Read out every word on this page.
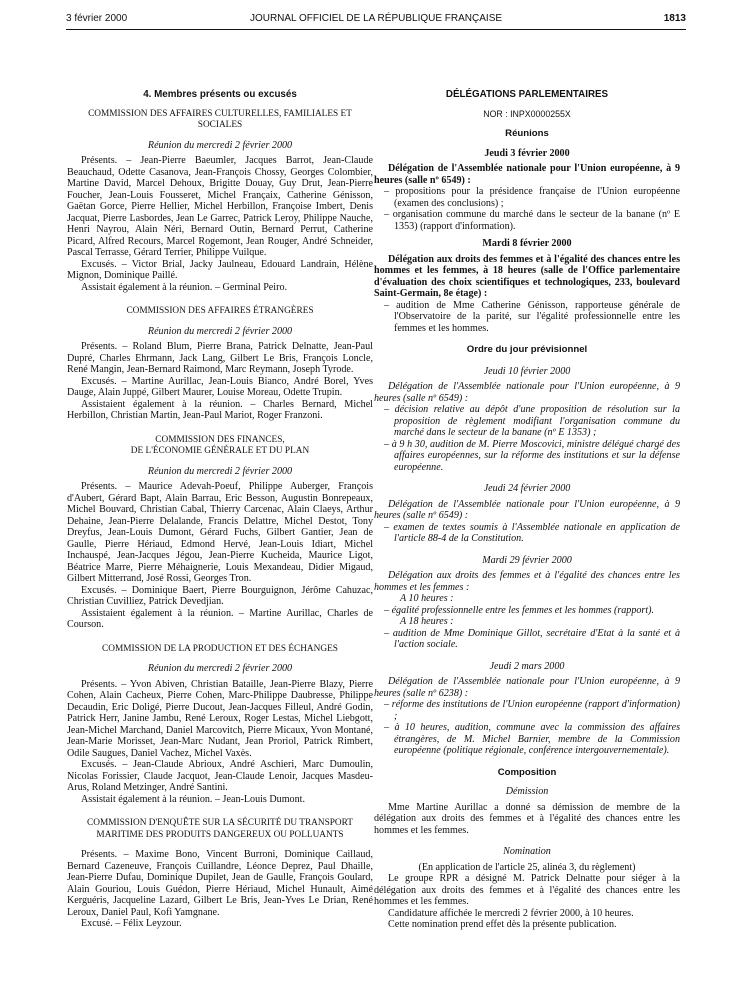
3 février 2000	JOURNAL OFFICIEL DE LA RÉPUBLIQUE FRANÇAISE	1813

4. Membres présents ou excusés

COMMISSION DES AFFAIRES CULTURELLES, FAMILIALES ET SOCIALES

Réunion du mercredi 2 février 2000

Présents. – Jean-Pierre Baeumler, Jacques Barrot, Jean-Claude Beauchaud, Odette Casanova, Jean-François Chossy, Georges Colombier, Martine David, Marcel Dehoux, Brigitte Douay, Guy Drut, Jean-Pierre Foucher, Jean-Louis Fousseret, Michel Françaix, Catherine Génisson, Gaëtan Gorce, Pierre Hellier, Michel Herbillon, Françoise Imbert, Denis Jacquat, Pierre Lasbordes, Jean Le Garrec, Patrick Leroy, Philippe Nauche, Henri Nayrou, Alain Néri, Bernard Outin, Bernard Perrut, Catherine Picard, Alfred Recours, Marcel Rogemont, Jean Rouger, André Schneider, Pascal Terrasse, Gérard Terrier, Philippe Vuilque.

Excusés. – Victor Brial, Jacky Jaulneau, Edouard Landrain, Hélène Mignon, Dominique Paillé.

Assistait également à la réunion. – Germinal Peiro.

COMMISSION DES AFFAIRES ÉTRANGÈRES

Réunion du mercredi 2 février 2000

Présents. – Roland Blum, Pierre Brana, Patrick Delnatte, Jean-Paul Dupré, Charles Ehrmann, Jack Lang, Gilbert Le Bris, François Loncle, René Mangin, Jean-Bernard Raimond, Marc Reymann, Joseph Tyrode.

Excusés. – Martine Aurillac, Jean-Louis Bianco, André Borel, Yves Dauge, Alain Juppé, Gilbert Maurer, Louise Moreau, Odette Trupin.

Assistaient également à la réunion. – Charles Bernard, Michel Herbillon, Christian Martin, Jean-Paul Mariot, Roger Franzoni.

COMMISSION DES FINANCES,
DE L'ÉCONOMIE GÉNÉRALE ET DU PLAN

Réunion du mercredi 2 février 2000

Présents. – Maurice Adevah-Poeuf, Philippe Auberger, François d'Aubert, Gérard Bapt, Alain Barrau, Eric Besson, Augustin Bonrepeaux, Michel Bouvard, Christian Cabal, Thierry Carcenac, Alain Claeys, Arthur Dehaine, Jean-Pierre Delalande, Francis Delattre, Michel Destot, Tony Dreyfus, Jean-Louis Dumont, Gérard Fuchs, Gilbert Gantier, Jean de Gaulle, Pierre Hériaud, Edmond Hervé, Jean-Louis Idiart, Michel Inchauspé, Jean-Jacques Jégou, Jean-Pierre Kucheida, Maurice Ligot, Béatrice Marre, Pierre Méhaignerie, Louis Mexandeau, Didier Migaud, Gilbert Mitterrand, José Rossi, Georges Tron.

Excusés. – Dominique Baert, Pierre Bourguignon, Jérôme Cahuzac, Christian Cuvilliez, Patrick Devedjian.

Assistaient également à la réunion. – Martine Aurillac, Charles de Courson.

COMMISSION DE LA PRODUCTION ET DES ÉCHANGES

Réunion du mercredi 2 février 2000

Présents. – Yvon Abiven, Christian Bataille, Jean-Pierre Blazy, Pierre Cohen, Alain Cacheux, Pierre Cohen, Marc-Philippe Daubresse, Philippe Decaudin, Eric Doligé, Pierre Ducout, Jean-Jacques Filleul, André Godin, Patrick Herr, Janine Jambu, René Leroux, Roger Lestas, Michel Liebgott, Jean-Michel Marchand, Daniel Marcovitch, Pierre Micaux, Yvon Montané, Jean-Marie Morisset, Jean-Marc Nudant, Jean Proriol, Patrick Rimbert, Odile Saugues, Daniel Vachez, Michel Vaxès.

Excusés. – Jean-Claude Abrioux, André Aschieri, Marc Dumoulin, Nicolas Forissier, Claude Jacquot, Jean-Claude Lenoir, Jacques Masdeu-Arus, Roland Metzinger, André Santini.

Assistait également à la réunion. – Jean-Louis Dumont.

COMMISSION D'ENQUÊTE SUR LA SÉCURITÉ DU TRANSPORT
MARITIME DES PRODUITS DANGEREUX OU POLLUANTS

Présents. – Maxime Bono, Vincent Burroni, Dominique Caillaud, Bernard Cazeneuve, François Cuillandre, Léonce Deprez, Paul Dhaille, Jean-Pierre Dufau, Dominique Dupilet, Jean de Gaulle, François Goulard, Alain Gouriou, Louis Guédon, Pierre Hériaud, Michel Hunault, Aimé Kerguéris, Jacqueline Lazard, Gilbert Le Bris, Jean-Yves Le Drian, René Leroux, Daniel Paul, Kofi Yamgnane.

Excusé. – Félix Leyzour.

DÉLÉGATIONS PARLEMENTAIRES

NOR : INPX0000255X

Réunions

Jeudi 3 février 2000

Délégation de l'Assemblée nationale pour l'Union européenne, à 9 heures (salle nº 6549) :

– propositions pour la présidence française de l'Union européenne (examen des conclusions) ;

– organisation commune du marché dans le secteur de la banane (nº E 1353) (rapport d'information).

Mardi 8 février 2000

Délégation aux droits des femmes et à l'égalité des chances entre les hommes et les femmes, à 18 heures (salle de l'Office parlementaire d'évaluation des choix scientifiques et technologiques, 233, boulevard Saint-Germain, 8e étage) :

– audition de Mme Catherine Génisson, rapporteuse générale de l'Observatoire de la parité, sur l'égalité professionnelle entre les femmes et les hommes.

Ordre du jour prévisionnel

Jeudi 10 février 2000

Délégation de l'Assemblée nationale pour l'Union européenne, à 9 heures (salle nº 6549) :

– décision relative au dépôt d'une proposition de résolution sur la proposition de règlement modifiant l'organisation commune du marché dans le secteur de la banane (nº E 1353) ;

– à 9 h 30, audition de M. Pierre Moscovici, ministre délégué chargé des affaires européennes, sur la réforme des institutions et sur la défense européenne.

Jeudi 24 février 2000

Délégation de l'Assemblée nationale pour l'Union européenne, à 9 heures (salle nº 6549) :

– examen de textes soumis à l'Assemblée nationale en application de l'article 88-4 de la Constitution.

Mardi 29 février 2000

Délégation aux droits des femmes et à l'égalité des chances entre les hommes et les femmes :

A 10 heures :

– égalité professionnelle entre les femmes et les hommes (rapport).

A 18 heures :

– audition de Mme Dominique Gillot, secrétaire d'Etat à la santé et à l'action sociale.

Jeudi 2 mars 2000

Délégation de l'Assemblée nationale pour l'Union européenne, à 9 heures (salle nº 6238) :

– réforme des institutions de l'Union européenne (rapport d'information) ;

– à 10 heures, audition, commune avec la commission des affaires étrangères, de M. Michel Barnier, membre de la Commission européenne (politique régionale, conférence intergouvernementale).

Composition

Démission

Mme Martine Aurillac a donné sa démission de membre de la délégation aux droits des femmes et à l'égalité des chances entre les hommes et les femmes.

Nomination

(En application de l'article 25, alinéa 3, du règlement)

Le groupe RPR a désigné M. Patrick Delnatte pour siéger à la délégation aux droits des femmes et à l'égalité des chances entre les hommes et les femmes.

Candidature affichée le mercredi 2 février 2000, à 10 heures.

Cette nomination prend effet dès la présente publication.
